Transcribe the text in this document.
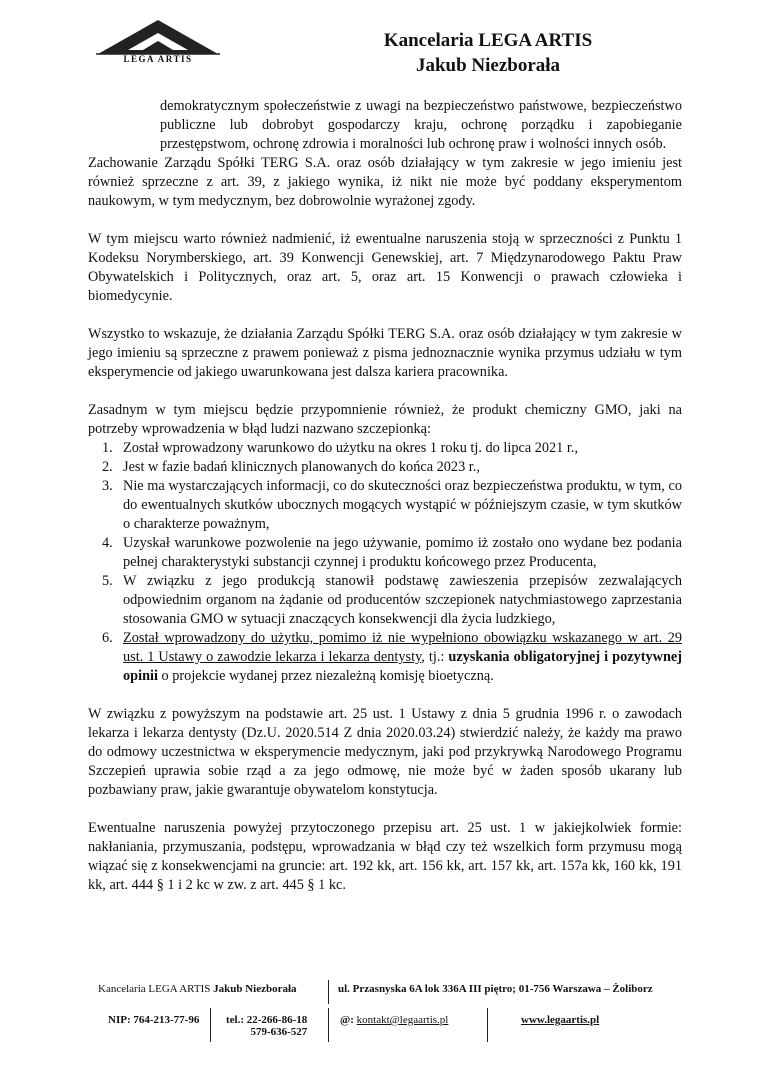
LEGA ARTIS
Kancelaria LEGA ARTIS
Jakub Niezborała

demokratycznym społeczeństwie z uwagi na bezpieczeństwo państwowe, bezpieczeństwo publiczne lub dobrobyt gospodarczy kraju, ochronę porządku i zapobieganie przestępstwom, ochronę zdrowia i moralności lub ochronę praw i wolności innych osób.

Zachowanie Zarządu Spółki TERG S.A. oraz osób działający w tym zakresie w jego imieniu jest również sprzeczne z art. 39, z jakiego wynika, iż nikt nie może być poddany eksperymentom naukowym, w tym medycznym, bez dobrowolnie wyrażonej zgody.

W tym miejscu warto również nadmienić, iż ewentualne naruszenia stoją w sprzeczności z Punktu 1 Kodeksu Norymberskiego, art. 39 Konwencji Genewskiej, art. 7 Międzynarodowego Paktu Praw Obywatelskich i Politycznych, oraz art. 5, oraz art. 15 Konwencji o prawach człowieka i biomedycynie.

Wszystko to wskazuje, że działania Zarządu Spółki TERG S.A. oraz osób działający w tym zakresie w jego imieniu są sprzeczne z prawem ponieważ z pisma jednoznacznie wynika przymus udziału w tym eksperymencie od jakiego uwarunkowana jest dalsza kariera pracownika.

Zasadnym w tym miejscu będzie przypomnienie również, że produkt chemiczny GMO, jaki na potrzeby wprowadzenia w błąd ludzi nazwano szczepionką:

1. Został wprowadzony warunkowo do użytku na okres 1 roku tj. do lipca 2021 r.,
2. Jest w fazie badań klinicznych planowanych do końca 2023 r.,
3. Nie ma wystarczających informacji, co do skuteczności oraz bezpieczeństwa produktu, w tym, co do ewentualnych skutków ubocznych mogących wystąpić w późniejszym czasie, w tym skutków o charakterze poważnym,
4. Uzyskał warunkowe pozwolenie na jego używanie, pomimo iż zostało ono wydane bez podania pełnej charakterystyki substancji czynnej i produktu końcowego przez Producenta,
5. W związku z jego produkcją stanowił podstawę zawieszenia przepisów zezwalających odpowiednim organom na żądanie od producentów szczepionek natychmiastowego zaprzestania stosowania GMO w sytuacji znaczących konsekwencji dla życia ludzkiego,
6. Został wprowadzony do użytku, pomimo iż nie wypełniono obowiązku wskazanego w art. 29 ust. 1 Ustawy o zawodzie lekarza i lekarza dentysty, tj.: uzyskania obligatoryjnej i pozytywnej opinii o projekcie wydanej przez niezależną komisję bioetyczną.

W związku z powyższym na podstawie art. 25 ust. 1 Ustawy z dnia 5 grudnia 1996 r. o zawodach lekarza i lekarza dentysty (Dz.U. 2020.514 Z dnia 2020.03.24) stwierdzić należy, że każdy ma prawo do odmowy uczestnictwa w eksperymencie medycznym, jaki pod przykrywką Narodowego Programu Szczepień uprawia sobie rząd a za jego odmowę, nie może być w żaden sposób ukarany lub pozbawiany praw, jakie gwarantuje obywatelom konstytucja.

Ewentualne naruszenia powyżej przytoczonego przepisu art. 25 ust. 1 w jakiejkolwiek formie: nakłaniania, przymuszania, podstępu, wprowadzania w błąd czy też wszelkich form przymusu mogą wiązać się z konsekwencjami na gruncie: art. 192 kk, art. 156 kk, art. 157 kk, art. 157a kk, 160 kk, 191 kk, art. 444 § 1 i 2 kc w zw. z art. 445 § 1 kc.

Kancelaria LEGA ARTIS Jakub Niezborała	ul. Przasnyska 6A lok 336A III piętro; 01-756 Warszawa – Żoliborz
NIP: 764-213-77-96 tel.: 22-266-86-18
579-636-527
@: kontakt@legaartis.pl	www.legaartis.pl
